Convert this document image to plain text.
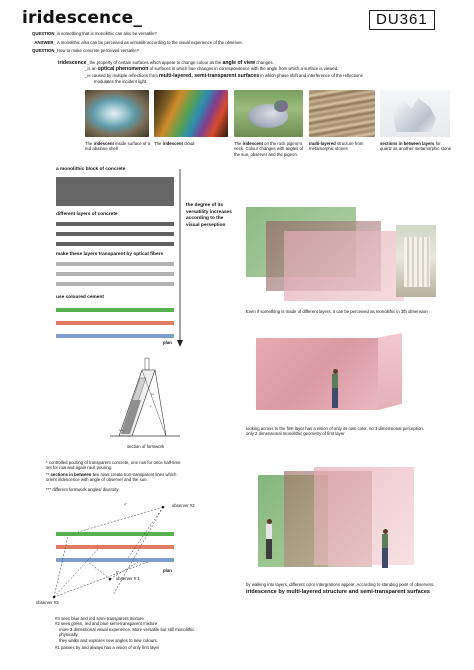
iridescence_	DU361
QUESTION_is something that is monolithic can also be versatile?
ANSWER_ A monolithic also can be perceived as versatile according to the visual experience of the observer.
QUESTION_How to make concrete perceived versatile?
iridescence_the property of certain surfaces which appear to change colour as the angle of view changes.
_is an optical phenomenon of surfaces in which hue changes in correspondence with the angle from which a surface is viewed.
_is caused by multiple reflections from multi-layered, semi-transparent surfaces in which phase shift and interference of the reflections
modulates the incident light.
The iridescent inside surface of a red abalone shell
The iridescent cloud	The iridescent on the rock pigeon's neck. Colour changes with angles of the sun, observer and the pigeon.
multi-layered structure from metamorphic stones
sections in between layers for quartz as another metamorphic stone
a monolithic block of concrete
different layers of concrete
make these layers transparent by optical fibers
use coloured cement
plan
the degree of its versatility increases according to the visual perseption
**
*
***
section of formwork
* controlled pouring of transparent concrete, one row for once half-time set for row and again next pouring.
** sections in between two rows create non-transparent lines which orient iridescence with angle of observer and the sun.
*** different formwork angles/ diversity
α°
β°
observer #2
observer # 1
observer #3
plan
#3 sees blue and red semi-transparent mixture
#2 sees green, red and blue semi-transparent mixture
more 3 dimentional visual experience. More versatile but still monolithic physically.
they walks and explores new angles to new colours.
#1 passes by and always has a vision of only first layer
Even if something is made of different layers, it can be perceived as monolithic in 3th dimension
looking across to the first layer has a vision of only its own color. no 3 dimensional perception.
only 2 dimensional monolithic geometry of first layer
by walking into layers, different color intergrations appear. According to standing point of observers.
iridescence by multi-layered structure and semi-transparent surfaces
